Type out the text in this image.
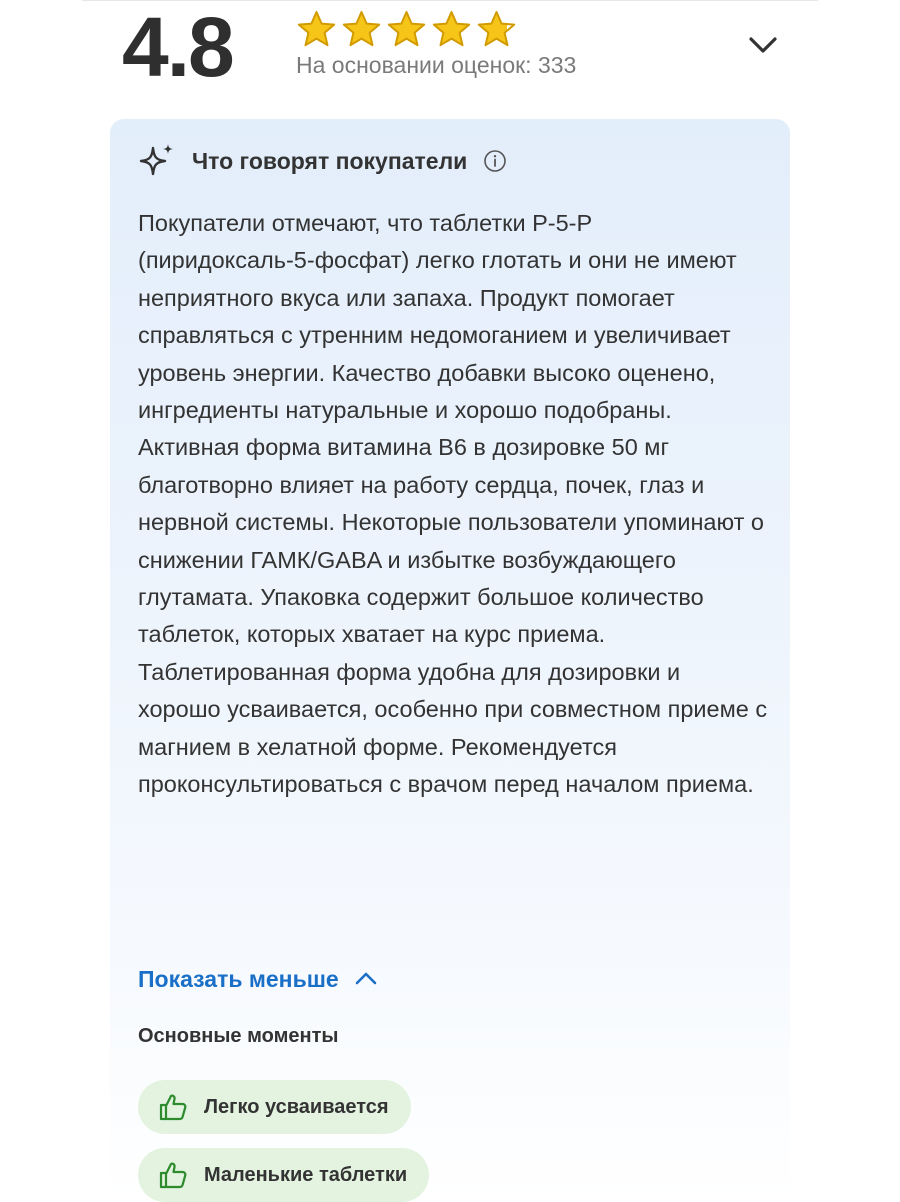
4.8	На основании оценок: 333
Что говорят покупатели

Покупатели отмечают, что таблетки P-5-P (пиридоксаль-5-фосфат) легко глотать и они не имеют неприятного вкуса или запаха. Продукт помогает справляться с утренним недомоганием и увеличивает уровень энергии. Качество добавки высоко оценено, ингредиенты натуральные и хорошо подобраны. Активная форма витамина B6 в дозировке 50 мг благотворно влияет на работу сердца, почек, глаз и нервной системы. Некоторые пользователи упоминают о снижении ГАМК/GABA и избытке возбуждающего глутамата. Упаковка содержит большое количество таблеток, которых хватает на курс приема. Таблетированная форма удобна для дозировки и хорошо усваивается, особенно при совместном приеме с магнием в хелатной форме. Рекомендуется проконсультироваться с врачом перед началом приема.

Показать меньше
Основные моменты
Легко усваивается
Маленькие таблетки
